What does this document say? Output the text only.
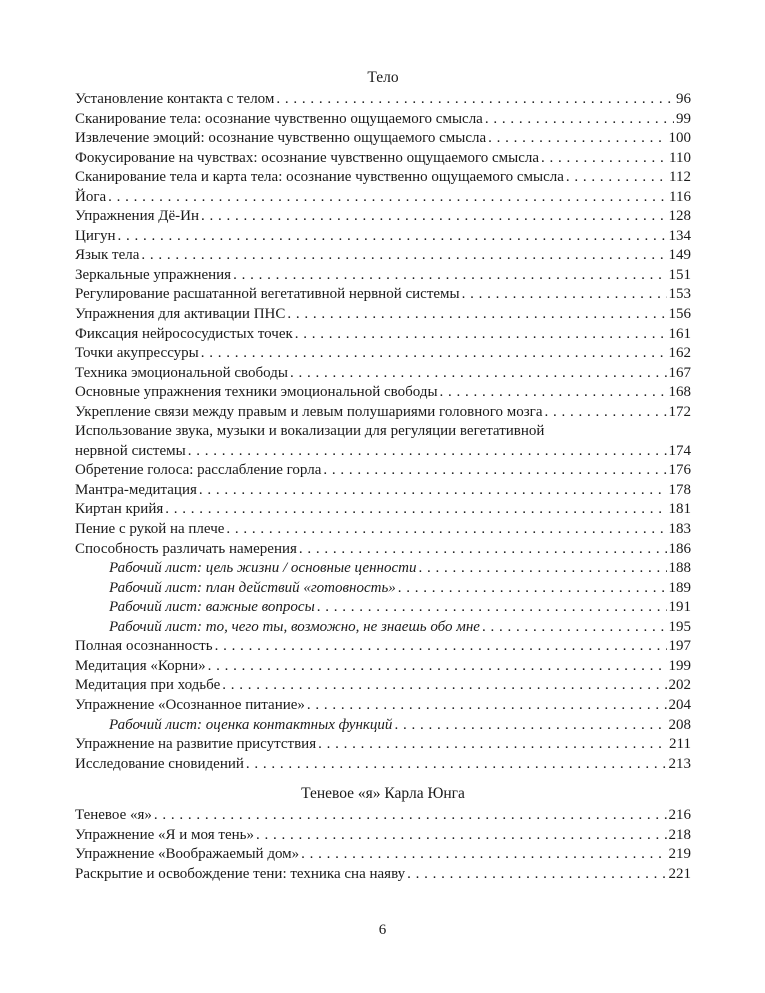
Тело
Установление контакта с телом . . .	96
Сканирование тела: осознание чувственно ощущаемого смысла . . .	99
Извлечение эмоций: осознание чувственно ощущаемого смысла . . .	100
Фокусирование на чувствах: осознание чувственно ощущаемого смысла . . .	110
Сканирование тела и карта тела: осознание чувственно ощущаемого смысла . . .	112
Йога . . .	116
Упражнения Дё-Ин . . .	128
Цигун . . .	134
Язык тела . . .	149
Зеркальные упражнения . . .	151
Регулирование расшатанной вегетативной нервной системы . . .	153
Упражнения для активации ПНС . . .	156
Фиксация нейрососудистых точек . . .	161
Точки акупрессуры . . .	162
Техника эмоциональной свободы . . .	167
Основные упражнения техники эмоциональной свободы . . .	168
Укрепление связи между правым и левым полушариями головного мозга . . .	172
Использование звука, музыки и вокализации для регуляции вегетативной
нервной системы . . .	174
Обретение голоса: расслабление горла . . .	176
Мантра-медитация . . .	178
Киртан крийя . . .	181
Пение с рукой на плече . . .	183
Способность различать намерения . . .	186
Рабочий лист: цель жизни / основные ценности . . .	188
Рабочий лист: план действий «готовность» . . .	189
Рабочий лист: важные вопросы . . .	191
Рабочий лист: то, чего ты, возможно, не знаешь обо мне . . .	195
Полная осознанность . . .	197
Медитация «Корни» . . .	199
Медитация при ходьбе . . .	202
Упражнение «Осознанное питание» . . .	204
Рабочий лист: оценка контактных функций . . .	208
Упражнение на развитие присутствия . . .	211
Исследование сновидений . . .	213
Теневое «я» Карла Юнга
Теневое «я» . . .	216
Упражнение «Я и моя тень» . . .	218
Упражнение «Воображаемый дом» . . .	219
Раскрытие и освобождение тени: техника сна наяву . . .	221
6
